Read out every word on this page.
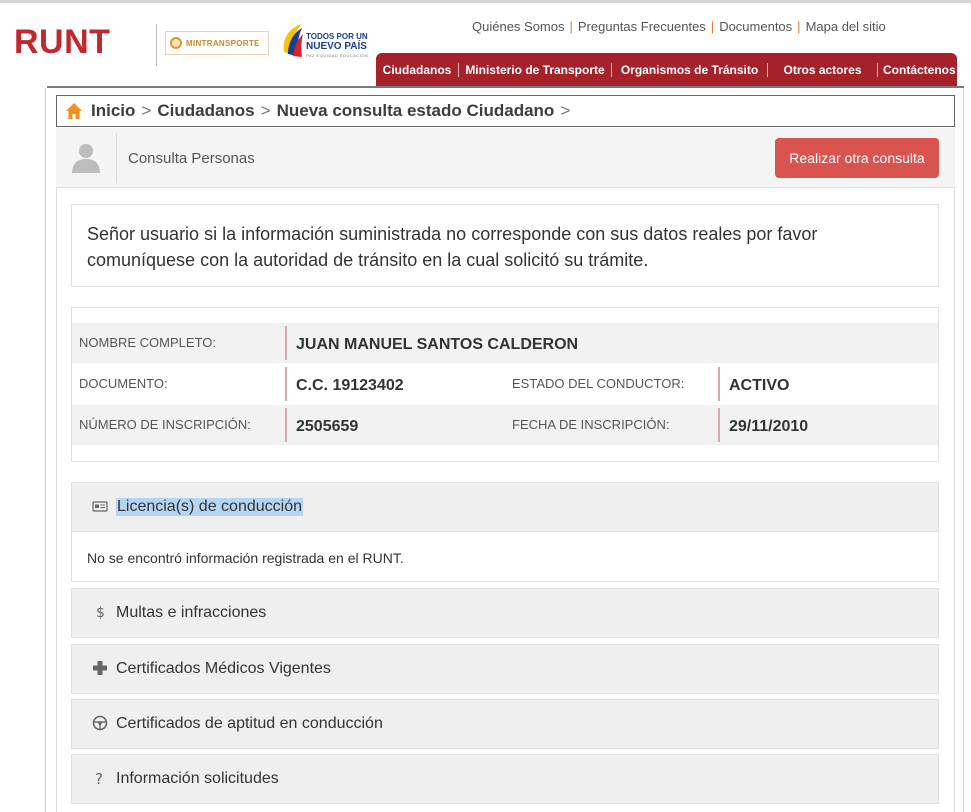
RUNT	MINTRANSPORTE
TODOS POR UN
NUEVO PAÍS
PAZ EQUIDAD EDUCACIÓN
Quiénes Somos | Preguntas Frecuentes | Documentos | Mapa del sitio
Ciudadanos	Ministerio de Transporte	Organismos de Tránsito	Otros actores	Contáctenos
Inicio > Ciudadanos > Nueva consulta estado Ciudadano >
Consulta Personas	Realizar otra consulta
Señor usuario si la información suministrada no corresponde con sus datos reales por favor comuníquese con la autoridad de tránsito en la cual solicitó su trámite.
NOMBRE COMPLETO:	JUAN MANUEL SANTOS CALDERON
DOCUMENTO:	C.C. 19123402	ESTADO DEL CONDUCTOR:	ACTIVO
NÚMERO DE INSCRIPCIÓN:	2505659	FECHA DE INSCRIPCIÓN:	29/11/2010
Licencia(s) de conducción
No se encontró información registrada en el RUNT.
$ Multas e infracciones
Certificados Médicos Vigentes
Certificados de aptitud en conducción
? Información solicitudes
